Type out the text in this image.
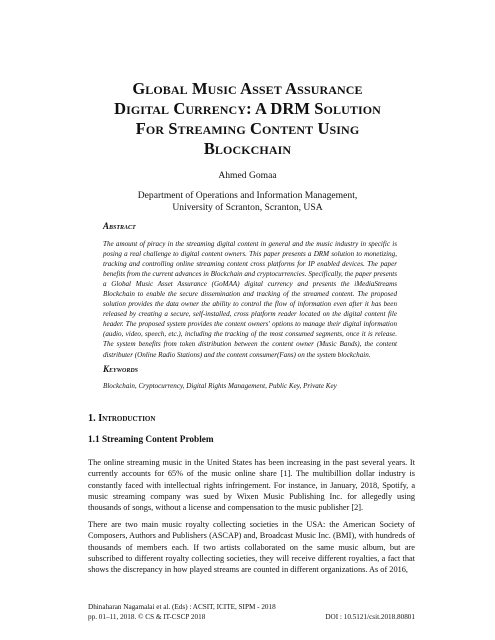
Global Music Asset Assurance
Digital Currency: A DRM Solution
For Streaming Content Using
Blockchain
Ahmed Gomaa
Department of Operations and Information Management,
University of Scranton, Scranton, USA
Abstract
The amount of piracy in the streaming digital content in general and the music industry in specific is posing a real challenge to digital content owners. This paper presents a DRM solution to monetizing, tracking and controlling online streaming content cross platforms for IP enabled devices. The paper benefits from the current advances in Blockchain and cryptocurrencies. Specifically, the paper presents a Global Music Asset Assurance (GoMAA) digital currency and presents the iMediaStreams Blockchain to enable the secure dissemination and tracking of the streamed content. The proposed solution provides the data owner the ability to control the flow of information even after it has been released by creating a secure, self-installed, cross platform reader located on the digital content file header. The proposed system provides the content owners' options to manage their digital information (audio, video, speech, etc.), including the tracking of the most consumed segments, once it is release. The system benefits from token distribution between the content owner (Music Bands), the content distributer (Online Radio Stations) and the content consumer(Fans) on the system blockchain.
Keywords
Blockchain, Cryptocurrency, Digital Rights Management, Public Key, Private Key
1. Introduction
1.1 Streaming Content Problem
The online streaming music in the United States has been increasing in the past several years. It currently accounts for 65% of the music online share [1]. The multibillion dollar industry is constantly faced with intellectual rights infringement. For instance, in January, 2018, Spotify, a music streaming company was sued by Wixen Music Publishing Inc. for allegedly using thousands of songs, without a license and compensation to the music publisher [2].
There are two main music royalty collecting societies in the USA: the American Society of Composers, Authors and Publishers (ASCAP) and, Broadcast Music Inc. (BMI), with hundreds of thousands of members each. If two artists collaborated on the same music album, but are subscribed to different royalty collecting societies, they will receive different royalties, a fact that shows the discrepancy in how played streams are counted in different organizations. As of 2016,
Dhinaharan Nagamalai et al. (Eds) : ACSIT, ICITE, SIPM - 2018
pp. 01–11, 2018. © CS & IT-CSCP 2018	DOI : 10.5121/csit.2018.80801
